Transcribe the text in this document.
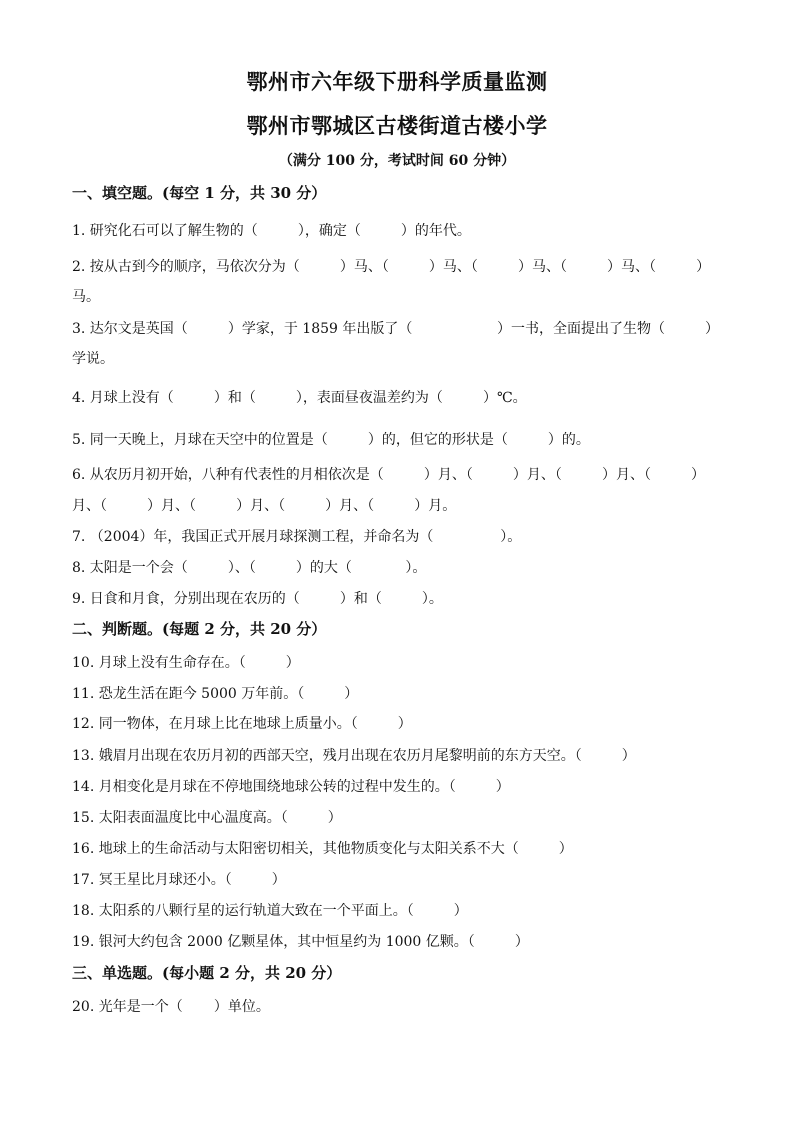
鄂州市六年级下册科学质量监测
鄂州市鄂城区古楼街道古楼小学
（满分 100 分，考试时间 60 分钟）
一、填空题。(每空 1 分，共 30 分）
1. 研究化石可以了解生物的（         ），确定（         ）的年代。
2. 按从古到今的顺序，马依次分为（         ）马、（         ）马、（         ）马、（         ）马、（         ）
马。
3. 达尔文是英国（         ）学家，于 1859 年出版了（                   ）一书，全面提出了生物（         ）
学说。
4. 月球上没有（         ）和（         ），表面昼夜温差约为（         ）℃。
5. 同一天晚上，月球在天空中的位置是（         ）的，但它的形状是（         ）的。
6. 从农历月初开始，八种有代表性的月相依次是（         ）月、（         ）月、（         ）月、（         ）
月、（         ）月、（         ）月、（         ）月、（         ）月。
7. （2004）年，我国正式开展月球探测工程，并命名为（               ）。
8. 太阳是一个会（         ）、（         ）的大（            ）。
9. 日食和月食，分别出现在农历的（         ）和（         ）。
二、判断题。(每题 2 分，共 20 分）
10. 月球上没有生命存在。（         ）
11. 恐龙生活在距今 5000 万年前。（         ）
12. 同一物体，在月球上比在地球上质量小。（         ）
13. 娥眉月出现在农历月初的西部天空，残月出现在农历月尾黎明前的东方天空。（         ）
14. 月相变化是月球在不停地围绕地球公转的过程中发生的。（         ）
15. 太阳表面温度比中心温度高。（         ）
16. 地球上的生命活动与太阳密切相关，其他物质变化与太阳关系不大（         ）
17. 冥王星比月球还小。（         ）
18. 太阳系的八颗行星的运行轨道大致在一个平面上。（         ）
19. 银河大约包含 2000 亿颗星体，其中恒星约为 1000 亿颗。（         ）
三、单选题。(每小题 2 分，共 20 分）
20. 光年是一个（       ）单位。
